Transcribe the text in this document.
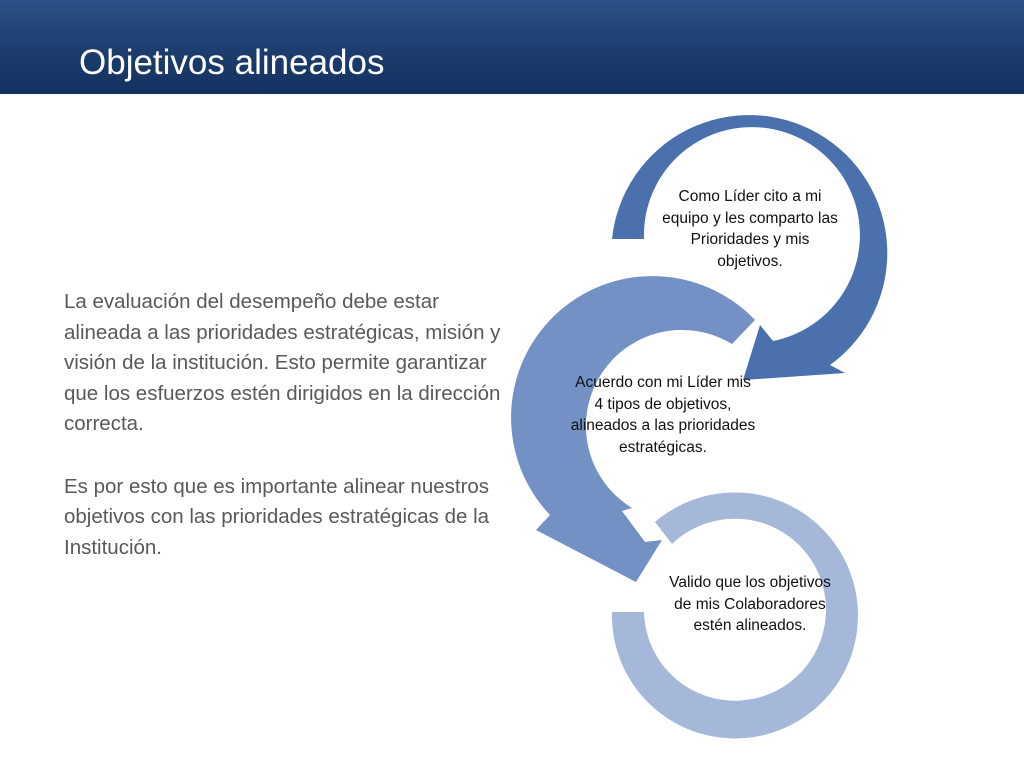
Objetivos alineados

La evaluación del desempeño debe estar alineada a las prioridades estratégicas, misión y visión de la institución. Esto permite garantizar que los esfuerzos estén dirigidos en la dirección correcta.

Es por esto que es importante alinear nuestros objetivos con las prioridades estratégicas de la Institución.

Como Líder cito a mi equipo y les comparto las Prioridades y mis objetivos.
Acuerdo con mi Líder mis 4 tipos de objetivos, alineados a las prioridades estratégicas.
Valido que los objetivos de mis Colaboradores estén alineados.
